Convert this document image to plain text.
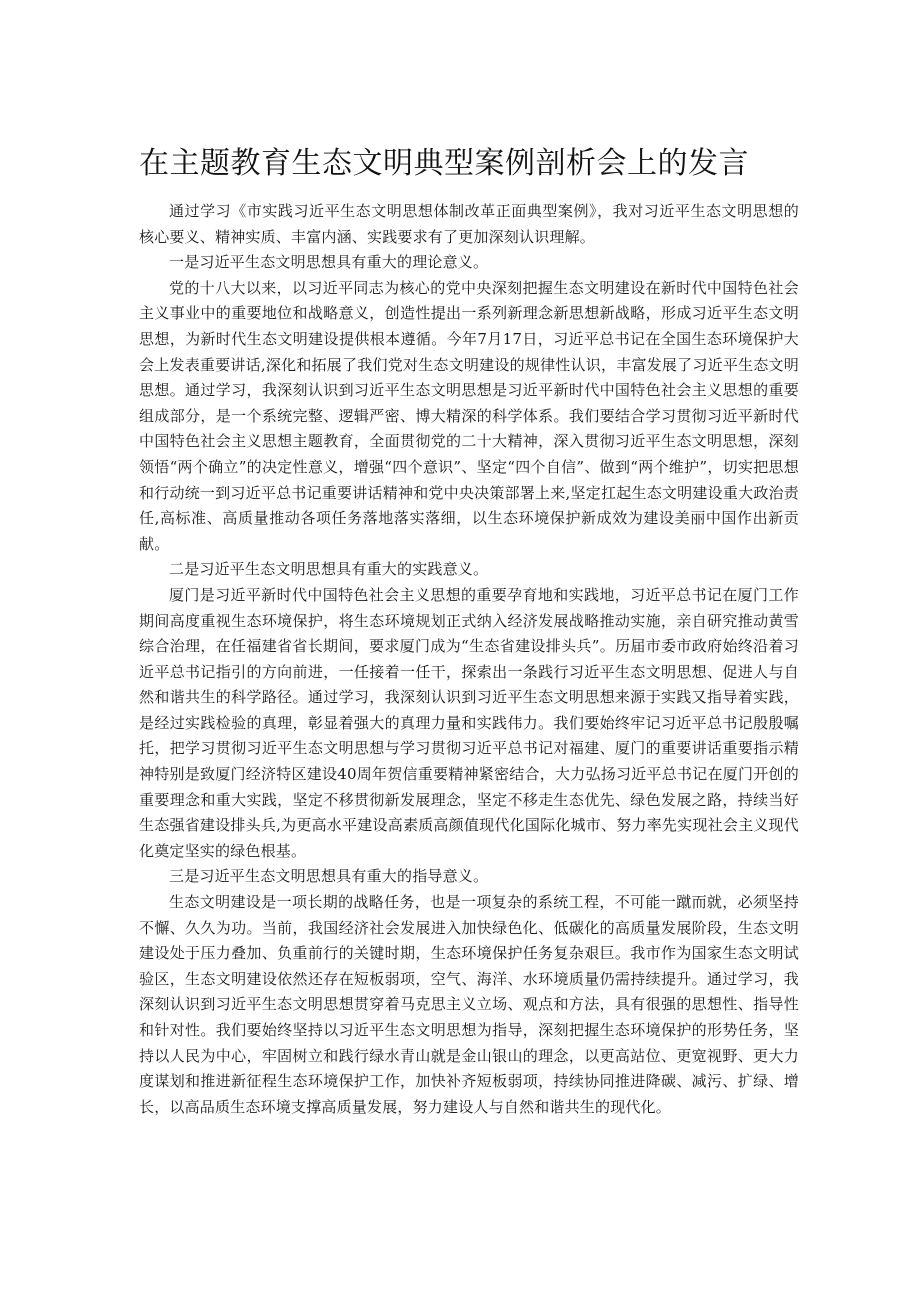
在主题教育生态文明典型案例剖析会上的发言

通过学习《市实践习近平生态文明思想体制改革正面典型案例》，我对习近平生态文明思想的核心要义、精神实质、丰富内涵、实践要求有了更加深刻认识理解。

一是习近平生态文明思想具有重大的理论意义。

党的十八大以来，以习近平同志为核心的党中央深刻把握生态文明建设在新时代中国特色社会主义事业中的重要地位和战略意义，创造性提出一系列新理念新思想新战略，形成习近平生态文明思想，为新时代生态文明建设提供根本遵循。今年7月17日，习近平总书记在全国生态环境保护大会上发表重要讲话,深化和拓展了我们党对生态文明建设的规律性认识，丰富发展了习近平生态文明思想。通过学习，我深刻认识到习近平生态文明思想是习近平新时代中国特色社会主义思想的重要组成部分，是一个系统完整、逻辑严密、博大精深的科学体系。我们要结合学习贯彻习近平新时代中国特色社会主义思想主题教育，全面贯彻党的二十大精神，深入贯彻习近平生态文明思想，深刻领悟“两个确立”的决定性意义，增强“四个意识”、坚定“四个自信”、做到“两个维护”，切实把思想和行动统一到习近平总书记重要讲话精神和党中央决策部署上来,坚定扛起生态文明建设重大政治责任,高标准、高质量推动各项任务落地落实落细，以生态环境保护新成效为建设美丽中国作出新贡献。

二是习近平生态文明思想具有重大的实践意义。

厦门是习近平新时代中国特色社会主义思想的重要孕育地和实践地，习近平总书记在厦门工作期间高度重视生态环境保护，将生态环境规划正式纳入经济发展战略推动实施，亲自研究推动黄雪综合治理，在任福建省省长期间，要求厦门成为“生态省建设排头兵”。历届市委市政府始终沿着习近平总书记指引的方向前进，一任接着一任干，探索出一条践行习近平生态文明思想、促进人与自然和谐共生的科学路径。通过学习，我深刻认识到习近平生态文明思想来源于实践又指导着实践，是经过实践检验的真理，彰显着强大的真理力量和实践伟力。我们要始终牢记习近平总书记殷殷嘱托，把学习贯彻习近平生态文明思想与学习贯彻习近平总书记对福建、厦门的重要讲话重要指示精神特别是致厦门经济特区建设40周年贺信重要精神紧密结合，大力弘扬习近平总书记在厦门开创的重要理念和重大实践，坚定不移贯彻新发展理念，坚定不移走生态优先、绿色发展之路，持续当好生态强省建设排头兵,为更高水平建设高素质高颜值现代化国际化城市、努力率先实现社会主义现代化奠定坚实的绿色根基。

三是习近平生态文明思想具有重大的指导意义。

生态文明建设是一项长期的战略任务，也是一项复杂的系统工程，不可能一蹴而就，必须坚持不懈、久久为功。当前，我国经济社会发展进入加快绿色化、低碳化的高质量发展阶段，生态文明建设处于压力叠加、负重前行的关键时期，生态环境保护任务复杂艰巨。我市作为国家生态文明试验区，生态文明建设依然还存在短板弱项，空气、海洋、水环境质量仍需持续提升。通过学习，我深刻认识到习近平生态文明思想贯穿着马克思主义立场、观点和方法，具有很强的思想性、指导性和针对性。我们要始终坚持以习近平生态文明思想为指导，深刻把握生态环境保护的形势任务，坚持以人民为中心，牢固树立和践行绿水青山就是金山银山的理念，以更高站位、更宽视野、更大力度谋划和推进新征程生态环境保护工作，加快补齐短板弱项，持续协同推进降碳、减污、扩绿、增长，以高品质生态环境支撑高质量发展，努力建设人与自然和谐共生的现代化。
